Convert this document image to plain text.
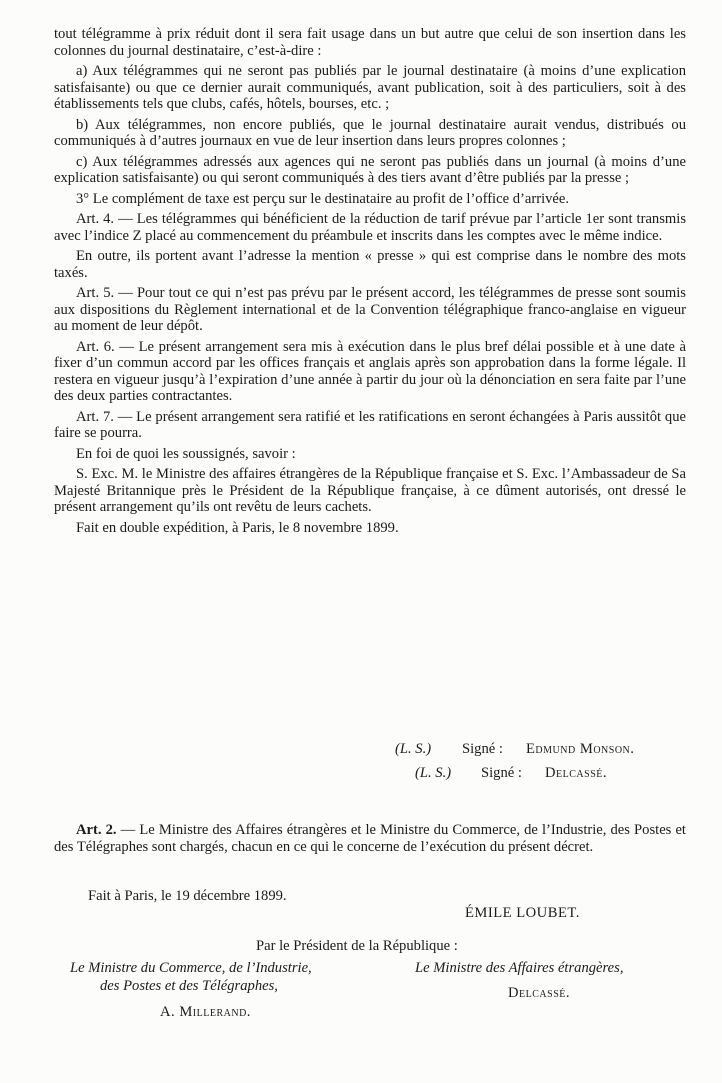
tout télégramme à prix réduit dont il sera fait usage dans un but autre que celui de son insertion dans les colonnes du journal destinataire, c’est-à-dire :

a) Aux télégrammes qui ne seront pas publiés par le journal destinataire (à moins d’une explication satisfaisante) ou que ce dernier aurait communiqués, avant publication, soit à des particuliers, soit à des établissements tels que clubs, cafés, hôtels, bourses, etc. ;

b) Aux télégrammes, non encore publiés, que le journal destinataire aurait vendus, distribués ou communiqués à d’autres journaux en vue de leur insertion dans leurs propres colonnes ;

c) Aux télégrammes adressés aux agences qui ne seront pas publiés dans un journal (à moins d’une explication satisfaisante) ou qui seront communiqués à des tiers avant d’être publiés par la presse ;

3° Le complément de taxe est perçu sur le destinataire au profit de l’office d’arrivée.

Art. 4. — Les télégrammes qui bénéficient de la réduction de tarif prévue par l’article 1er sont transmis avec l’indice Z placé au commencement du préambule et inscrits dans les comptes avec le même indice.

En outre, ils portent avant l’adresse la mention « presse » qui est comprise dans le nombre des mots taxés.

Art. 5. — Pour tout ce qui n’est pas prévu par le présent accord, les télégrammes de presse sont soumis aux dispositions du Règlement international et de la Convention télégraphique franco-anglaise en vigueur au moment de leur dépôt.

Art. 6. — Le présent arrangement sera mis à exécution dans le plus bref délai possible et à une date à fixer d’un commun accord par les offices français et anglais après son approbation dans la forme légale. Il restera en vigueur jusqu’à l’expiration d’une année à partir du jour où la dénonciation en sera faite par l’une des deux parties contractantes.

Art. 7. — Le présent arrangement sera ratifié et les ratifications en seront échangées à Paris aussitôt que faire se pourra.

En foi de quoi les soussignés, savoir :

S. Exc. M. le Ministre des affaires étrangères de la République française et S. Exc. l’Ambassadeur de Sa Majesté Britannique près le Président de la République française, à ce dûment autorisés, ont dressé le présent arrangement qu’ils ont revêtu de leurs cachets.

Fait en double expédition, à Paris, le 8 novembre 1899.

(L. S.) Signé : Edmund Monson.
(L. S.) Signé : Delcassé.

Art. 2. — Le Ministre des Affaires étrangères et le Ministre du Commerce, de l’Industrie, des Postes et des Télégraphes sont chargés, chacun en ce qui le concerne de l’exécution du présent décret.

Fait à Paris, le 19 décembre 1899.
ÉMILE LOUBET.
Par le Président de la République :
Le Ministre du Commerce, de l’Industrie,
des Postes et des Télégraphes,
A. Millerand.
Le Ministre des Affaires étrangères,
Delcassé.
